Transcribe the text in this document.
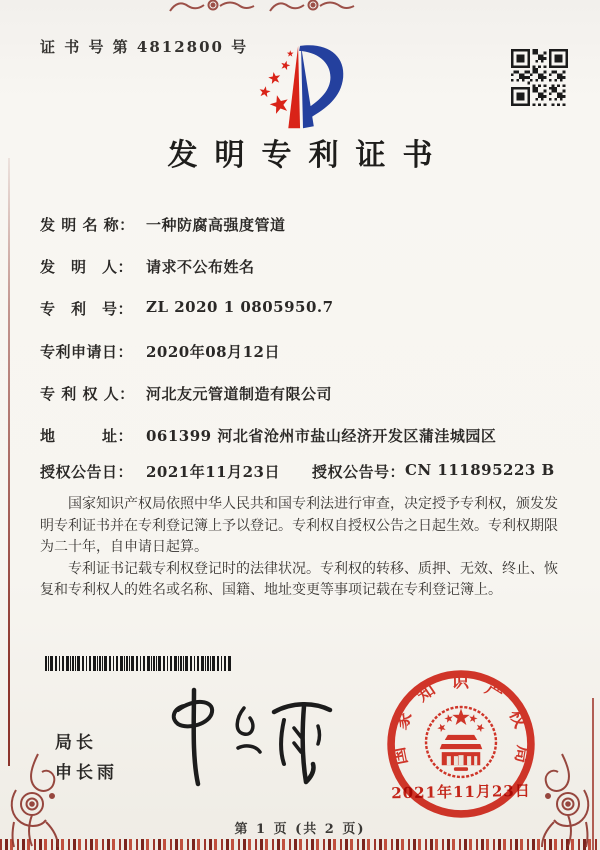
证 书 号 第 4812800 号
发明专利证书
发 明 名 称： 一种防腐高强度管道
发　明　人： 请求不公布姓名
专　利　号： ZL 2020 1 0805950.7
专利申请日： 2020年08月12日
专 利 权 人： 河北友元管道制造有限公司
地　　　址： 061399 河北省沧州市盐山经济开发区蒲洼城园区
授权公告日： 2021年11月23日 授权公告号： CN 111895223 B

国家知识产权局依照中华人民共和国专利法进行审查，决定授予专利权，颁发发明专利证书并在专利登记簿上予以登记。专利权自授权公告之日起生效。专利权期限为二十年，自申请日起算。

专利证书记载专利权登记时的法律状况。专利权的转移、质押、无效、终止、恢复和专利权人的姓名或名称、国籍、地址变更等事项记载在专利登记簿上。

局长
申长雨
国家知识产权局
2021年11月23日
第 1 页 (共 2 页)
